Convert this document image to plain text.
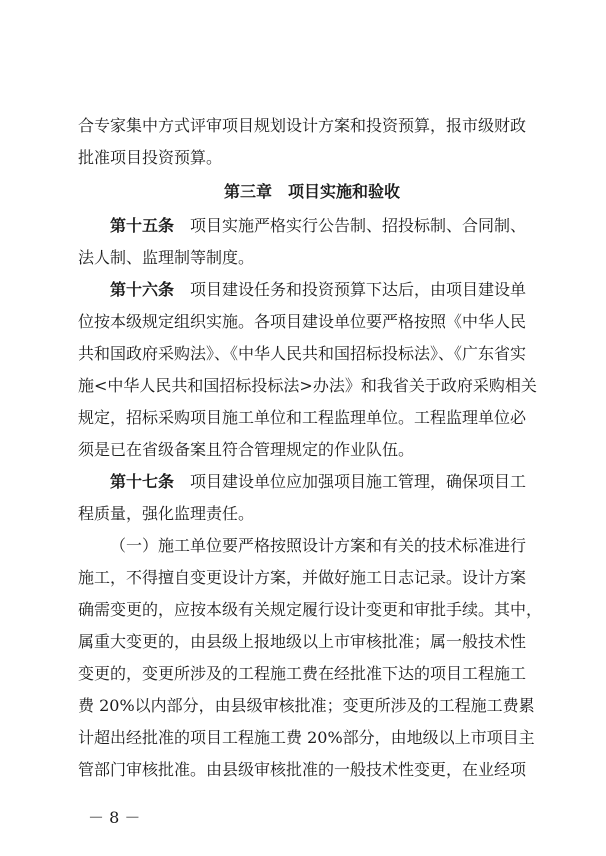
合专家集中方式评审项目规划设计方案和投资预算，报市级财政
批准项目投资预算。
第三章　项目实施和验收
第十五条　项目实施严格实行公告制、招投标制、合同制、
法人制、监理制等制度。
第十六条　项目建设任务和投资预算下达后，由项目建设单
位按本级规定组织实施。各项目建设单位要严格按照《中华人民
共和国政府采购法》、《中华人民共和国招标投标法》、《广东省实
施<中华人民共和国招标投标法>办法》和我省关于政府采购相关
规定，招标采购项目施工单位和工程监理单位。工程监理单位必
须是已在省级备案且符合管理规定的作业队伍。
第十七条　项目建设单位应加强项目施工管理，确保项目工
程质量，强化监理责任。
（一）施工单位要严格按照设计方案和有关的技术标准进行
施工，不得擅自变更设计方案，并做好施工日志记录。设计方案
确需变更的，应按本级有关规定履行设计变更和审批手续。其中，
属重大变更的，由县级上报地级以上市审核批准；属一般技术性
变更的，变更所涉及的工程施工费在经批准下达的项目工程施工
费 20%以内部分，由县级审核批准；变更所涉及的工程施工费累
计超出经批准的项目工程施工费 20%部分，由地级以上市项目主
管部门审核批准。由县级审核批准的一般技术性变更，在业经项
－ 8 －
